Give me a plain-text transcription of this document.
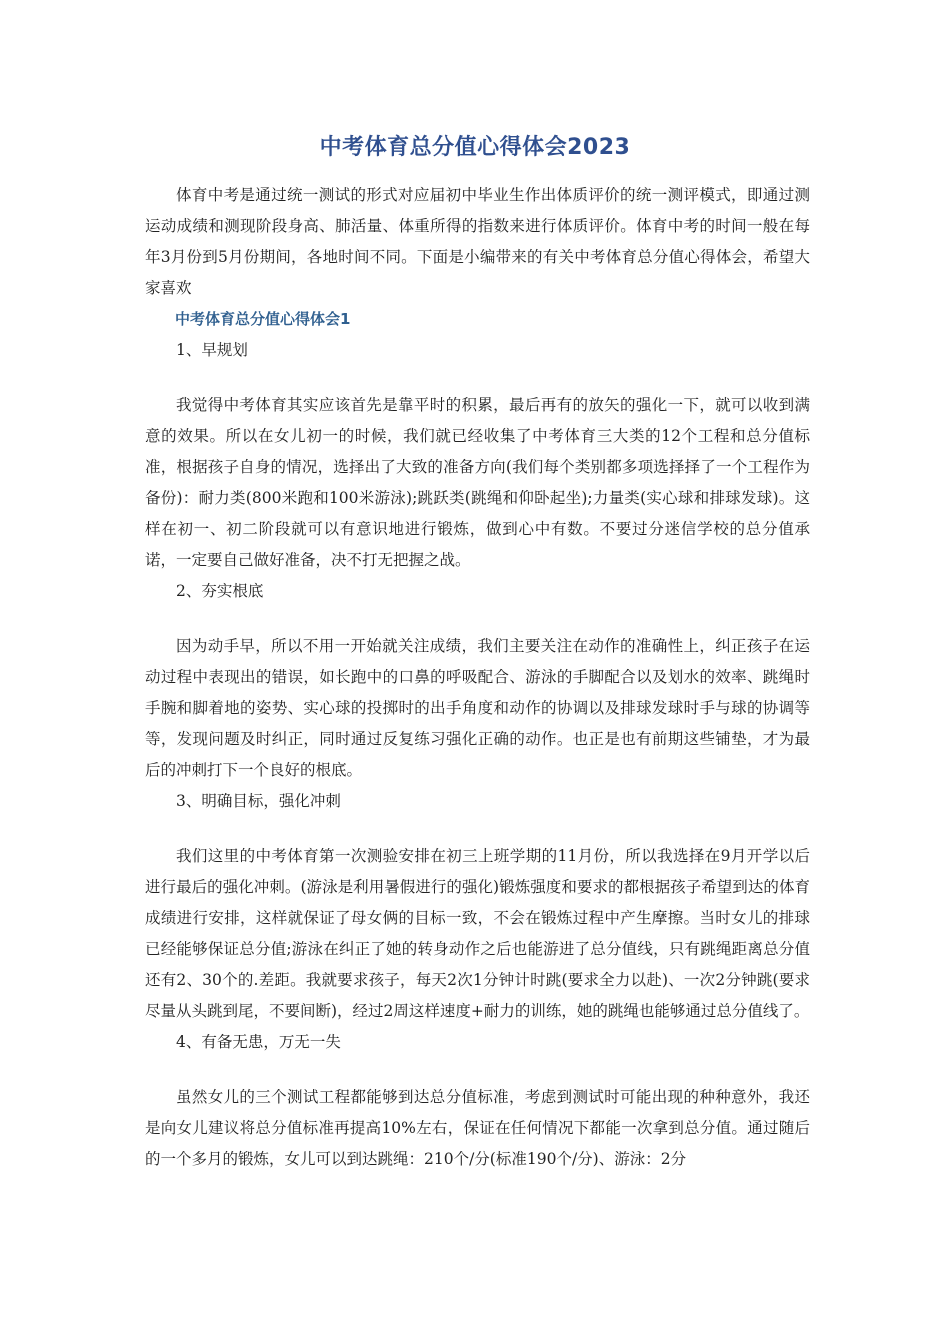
中考体育总分值心得体会2023

体育中考是通过统一测试的形式对应届初中毕业生作出体质评价的统一测评模式，即通过测运动成绩和测现阶段身高、肺活量、体重所得的指数来进行体质评价。体育中考的时间一般在每年3月份到5月份期间，各地时间不同。下面是小编带来的有关中考体育总分值心得体会，希望大家喜欢

中考体育总分值心得体会1

1、早规划

我觉得中考体育其实应该首先是靠平时的积累，最后再有的放矢的强化一下，就可以收到满意的效果。所以在女儿初一的时候，我们就已经收集了中考体育三大类的12个工程和总分值标准，根据孩子自身的情况，选择出了大致的准备方向(我们每个类别都多项选择择了一个工程作为备份)：耐力类(800米跑和100米游泳);跳跃类(跳绳和仰卧起坐);力量类(实心球和排球发球)。这样在初一、初二阶段就可以有意识地进行锻炼，做到心中有数。不要过分迷信学校的总分值承诺，一定要自己做好准备，决不打无把握之战。

2、夯实根底

因为动手早，所以不用一开始就关注成绩，我们主要关注在动作的准确性上，纠正孩子在运动过程中表现出的错误，如长跑中的口鼻的呼吸配合、游泳的手脚配合以及划水的效率、跳绳时手腕和脚着地的姿势、实心球的投掷时的出手角度和动作的协调以及排球发球时手与球的协调等等，发现问题及时纠正，同时通过反复练习强化正确的动作。也正是也有前期这些铺垫，才为最后的冲刺打下一个良好的根底。

3、明确目标，强化冲刺

我们这里的中考体育第一次测验安排在初三上班学期的11月份，所以我选择在9月开学以后进行最后的强化冲刺。(游泳是利用暑假进行的强化)锻炼强度和要求的都根据孩子希望到达的体育成绩进行安排，这样就保证了母女俩的目标一致，不会在锻炼过程中产生摩擦。当时女儿的排球已经能够保证总分值;游泳在纠正了她的转身动作之后也能游进了总分值线，只有跳绳距离总分值还有2、30个的.差距。我就要求孩子，每天2次1分钟计时跳(要求全力以赴)、一次2分钟跳(要求尽量从头跳到尾，不要间断)，经过2周这样速度+耐力的训练，她的跳绳也能够通过总分值线了。

4、有备无患，万无一失

虽然女儿的三个测试工程都能够到达总分值标准，考虑到测试时可能出现的种种意外，我还是向女儿建议将总分值标准再提高10%左右，保证在任何情况下都能一次拿到总分值。通过随后的一个多月的锻炼，女儿可以到达跳绳：210个/分(标准190个/分)、游泳：2分
